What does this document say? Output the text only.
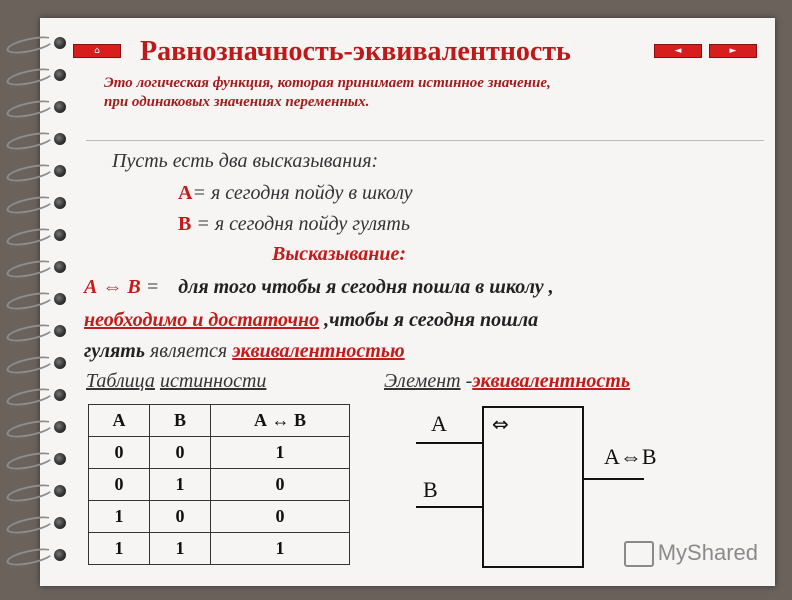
⌂	◄	►
Равнозначность-эквивалентность
Это логическая функция, которая принимает истинное значение,
при одинаковых значениях переменных.
Пусть есть два высказывания:
А= я сегодня пойду в школу
В = я сегодня пойду гулять
Высказывание:
А ⇔ В = для того чтобы я сегодня пошла в школу ,
необходимо и достаточно ,чтобы я сегодня пошла
гулять является эквивалентностью
Таблица истинности	Элемент -эквивалентность
А	В	А ↔ В
0	0	1
0	1	0
1	0	0
1	1	1
⇔
А
В
А⇔В
MyShared
